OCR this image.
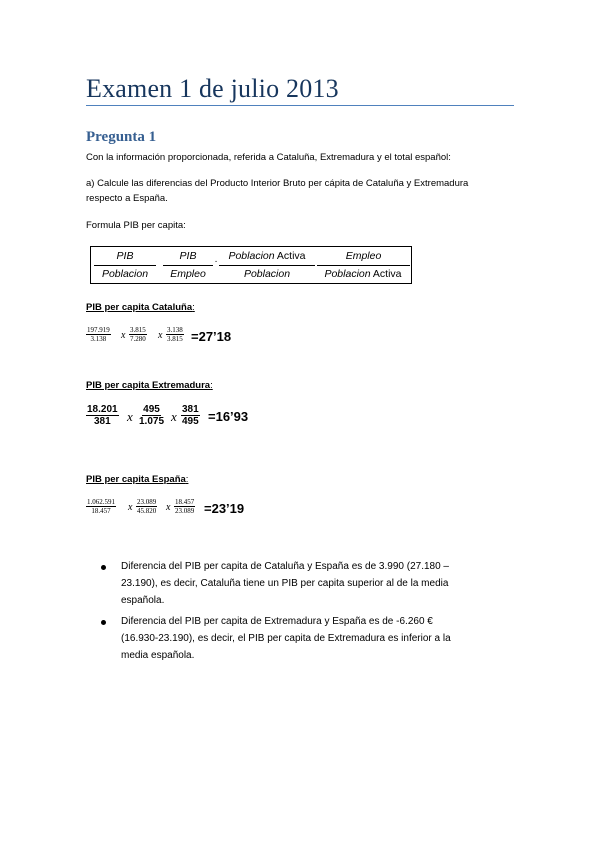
Examen 1 de julio 2013
Pregunta 1
Con la información proporcionada, referida a Cataluña, Extremadura y el total español:
a) Calcule las diferencias del Producto Interior Bruto per cápita de Cataluña y Extremadura
respecto a España.
Formula PIB per capita:
PIB
Poblacion
PIB
Empleo
·	Poblacion Activa
Poblacion
Empleo
Poblacion Activa
PIB per capita Cataluña:
$\frac{197.919}{3.138}$ x $\frac{3.815}{7.280}$ x $\frac{3.138}{3.815}$ =27’18
PIB per capita Extremadura:
$\frac{18.201}{381}$ x $\frac{495}{1.075}$ x $\frac{381}{495}$ =16’93
PIB per capita España:
$\frac{1.062.591}{18.457}$ x $\frac{23.089}{45.820}$ x $\frac{18.457}{23.089}$ =23’19
Diferencia del PIB per capita de Cataluña y España es de 3.990 (27.180 –
23.190), es decir, Cataluña tiene un PIB per capita superior al de la media
española.
Diferencia del PIB per capita de Extremadura y España es de -6.260 €
(16.930-23.190), es decir, el PIB per capita de Extremadura es inferior a la
media española.
